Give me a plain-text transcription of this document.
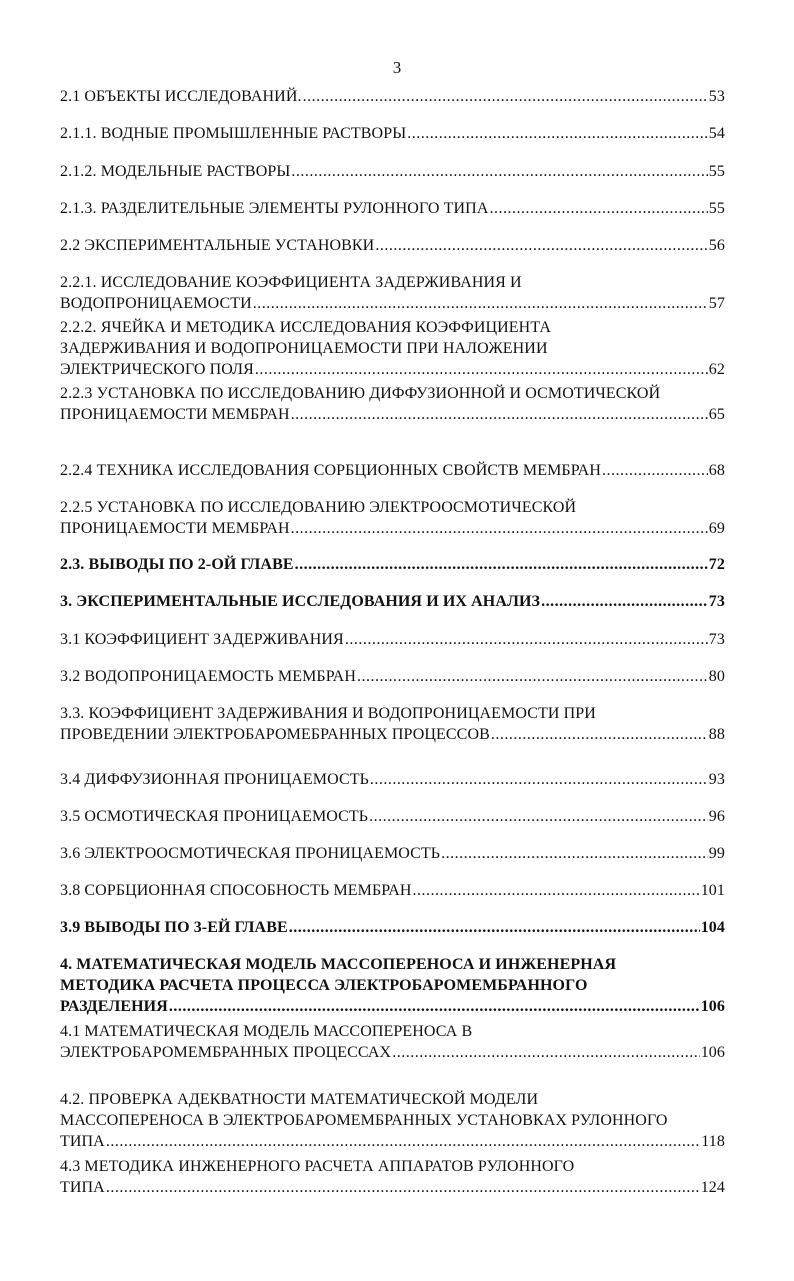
3
2.1 ОБЪЕКТЫ ИССЛЕДОВАНИЙ. .....	53
2.1.1. ВОДНЫЕ ПРОМЫШЛЕННЫЕ РАСТВОРЫ .....	54
2.1.2. МОДЕЛЬНЫЕ РАСТВОРЫ .....	55
2.1.3. РАЗДЕЛИТЕЛЬНЫЕ ЭЛЕМЕНТЫ РУЛОННОГО ТИПА .....	55
2.2 ЭКСПЕРИМЕНТАЛЬНЫЕ УСТАНОВКИ .....	56
2.2.1. ИССЛЕДОВАНИЕ КОЭФФИЦИЕНТА ЗАДЕРЖИВАНИЯ И
ВОДОПРОНИЦАЕМОСТИ .....	57
2.2.2. ЯЧЕЙКА И МЕТОДИКА ИССЛЕДОВАНИЯ КОЭФФИЦИЕНТА
ЗАДЕРЖИВАНИЯ И ВОДОПРОНИЦАЕМОСТИ ПРИ НАЛОЖЕНИИ
ЭЛЕКТРИЧЕСКОГО ПОЛЯ .....	62
2.2.3 УСТАНОВКА ПО ИССЛЕДОВАНИЮ ДИФФУЗИОННОЙ И ОСМОТИЧЕСКОЙ
ПРОНИЦАЕМОСТИ МЕМБРАН .....	65
2.2.4 ТЕХНИКА ИССЛЕДОВАНИЯ СОРБЦИОННЫХ СВОЙСТВ МЕМБРАН .....	68
2.2.5 УСТАНОВКА ПО ИССЛЕДОВАНИЮ ЭЛЕКТРООСМОТИЧЕСКОЙ
ПРОНИЦАЕМОСТИ МЕМБРАН .....	69
2.3. ВЫВОДЫ ПО 2-ОЙ ГЛАВЕ .....	72
3. ЭКСПЕРИМЕНТАЛЬНЫЕ ИССЛЕДОВАНИЯ И ИХ АНАЛИЗ .....	73
3.1 КОЭФФИЦИЕНТ ЗАДЕРЖИВАНИЯ .....	73
3.2 ВОДОПРОНИЦАЕМОСТЬ МЕМБРАН .....	80
3.3. КОЭФФИЦИЕНТ ЗАДЕРЖИВАНИЯ И ВОДОПРОНИЦАЕМОСТИ ПРИ
ПРОВЕДЕНИИ ЭЛЕКТРОБАРОМЕБРАННЫХ ПРОЦЕССОВ .....	88
3.4 ДИФФУЗИОННАЯ ПРОНИЦАЕМОСТЬ .....	93
3.5 ОСМОТИЧЕСКАЯ ПРОНИЦАЕМОСТЬ .....	96
3.6 ЭЛЕКТРООСМОТИЧЕСКАЯ ПРОНИЦАЕМОСТЬ .....	99
3.8 СОРБЦИОННАЯ СПОСОБНОСТЬ МЕМБРАН .....	101
3.9 ВЫВОДЫ ПО 3-ЕЙ ГЛАВЕ .....	104
4. МАТЕМАТИЧЕСКАЯ МОДЕЛЬ МАССОПЕРЕНОСА И ИНЖЕНЕРНАЯ
МЕТОДИКА РАСЧЕТА ПРОЦЕССА ЭЛЕКТРОБАРОМЕМБРАННОГО
РАЗДЕЛЕНИЯ .....	106
4.1 МАТЕМАТИЧЕСКАЯ МОДЕЛЬ МАССОПЕРЕНОСА В
ЭЛЕКТРОБАРОМЕМБРАННЫХ ПРОЦЕССАХ .....	106
4.2. ПРОВЕРКА АДЕКВАТНОСТИ МАТЕМАТИЧЕСКОЙ МОДЕЛИ
МАССОПЕРЕНОСА В ЭЛЕКТРОБАРОМЕМБРАННЫХ УСТАНОВКАХ РУЛОННОГО
ТИПА .....	118
4.3 МЕТОДИКА ИНЖЕНЕРНОГО РАСЧЕТА АППАРАТОВ РУЛОННОГО
ТИПА .....	124
